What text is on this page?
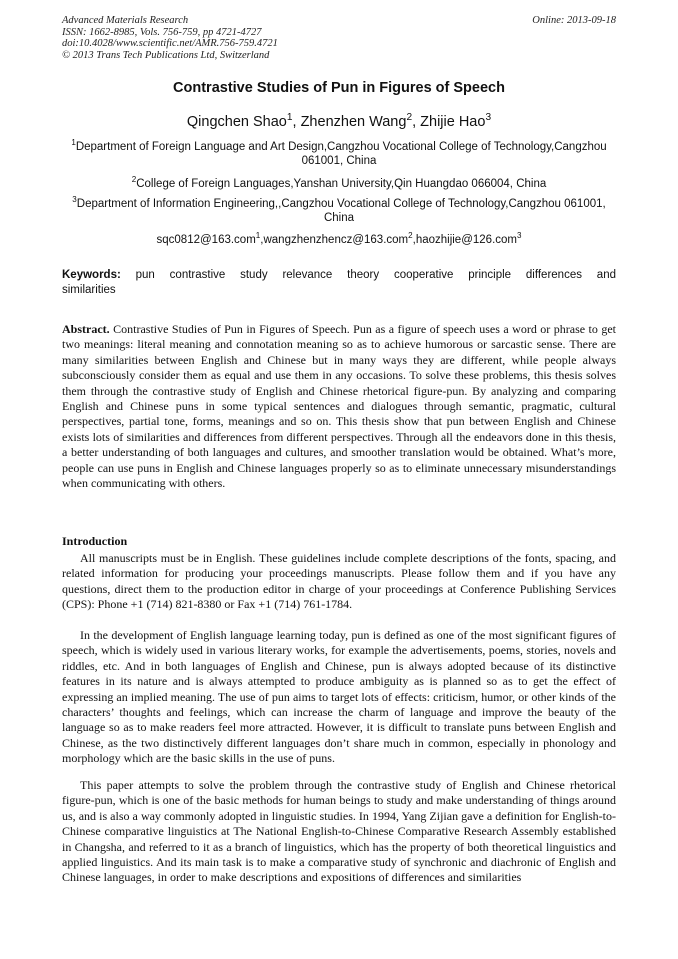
Advanced Materials Research
ISSN: 1662-8985, Vols. 756-759, pp 4721-4727
doi:10.4028/www.scientific.net/AMR.756-759.4721
© 2013 Trans Tech Publications Ltd, Switzerland
Online: 2013-09-18
Contrastive Studies of Pun in Figures of Speech
Qingchen Shao$^1$, Zhenzhen Wang$^2$, Zhijie Hao$^3$
$^1$Department of Foreign Language and Art Design,Cangzhou Vocational College of Technology,Cangzhou 061001, China
$^2$College of Foreign Languages,Yanshan University,Qin Huangdao 066004, China
$^3$Department of Information Engineering,,Cangzhou Vocational College of Technology,Cangzhou 061001, China
sqc0812@163.com$^1$,wangzhenzhencz@163.com$^2$,haozhijie@126.com$^3$
Keywords: pun contrastive study relevance theory cooperative principle differences and similarities
Abstract. Contrastive Studies of Pun in Figures of Speech. Pun as a figure of speech uses a word or phrase to get two meanings: literal meaning and connotation meaning so as to achieve humorous or sarcastic sense. There are many similarities between English and Chinese but in many ways they are different, while people always subconsciously consider them as equal and use them in any occasions. To solve these problems, this thesis solves them through the contrastive study of English and Chinese rhetorical figure-pun. By analyzing and comparing English and Chinese puns in some typical sentences and dialogues through semantic, pragmatic, cultural perspectives, partial tone, forms, meanings and so on. This thesis show that pun between English and Chinese exists lots of similarities and differences from different perspectives. Through all the endeavors done in this thesis, a better understanding of both languages and cultures, and smoother translation would be obtained. What’s more, people can use puns in English and Chinese languages properly so as to eliminate unnecessary misunderstandings when communicating with others.
Introduction

All manuscripts must be in English. These guidelines include complete descriptions of the fonts, spacing, and related information for producing your proceedings manuscripts. Please follow them and if you have any questions, direct them to the production editor in charge of your proceedings at Conference Publishing Services (CPS): Phone +1 (714) 821-8380 or Fax +1 (714) 761-1784.

In the development of English language learning today, pun is defined as one of the most significant figures of speech, which is widely used in various literary works, for example the advertisements, poems, stories, novels and riddles, etc. And in both languages of English and Chinese, pun is always adopted because of its distinctive features in its nature and is always attempted to produce ambiguity as is planned so as to get the effect of expressing an implied meaning. The use of pun aims to target lots of effects: criticism, humor, or other kinds of the characters’ thoughts and feelings, which can increase the charm of language and improve the beauty of the language so as to make readers feel more attracted. However, it is difficult to translate puns between English and Chinese, as the two distinctively different languages don’t share much in common, especially in phonology and morphology which are the basic skills in the use of puns.

This paper attempts to solve the problem through the contrastive study of English and Chinese rhetorical figure-pun, which is one of the basic methods for human beings to study and make understanding of things around us, and is also a way commonly adopted in linguistic studies. In 1994, Yang Zijian gave a definition for English-to-Chinese comparative linguistics at The National English-to-Chinese Comparative Research Assembly established in Changsha, and referred to it as a branch of linguistics, which has the property of both theoretical linguistics and applied linguistics. And its main task is to make a comparative study of synchronic and diachronic of English and Chinese languages, in order to make descriptions and expositions of differences and similarities
